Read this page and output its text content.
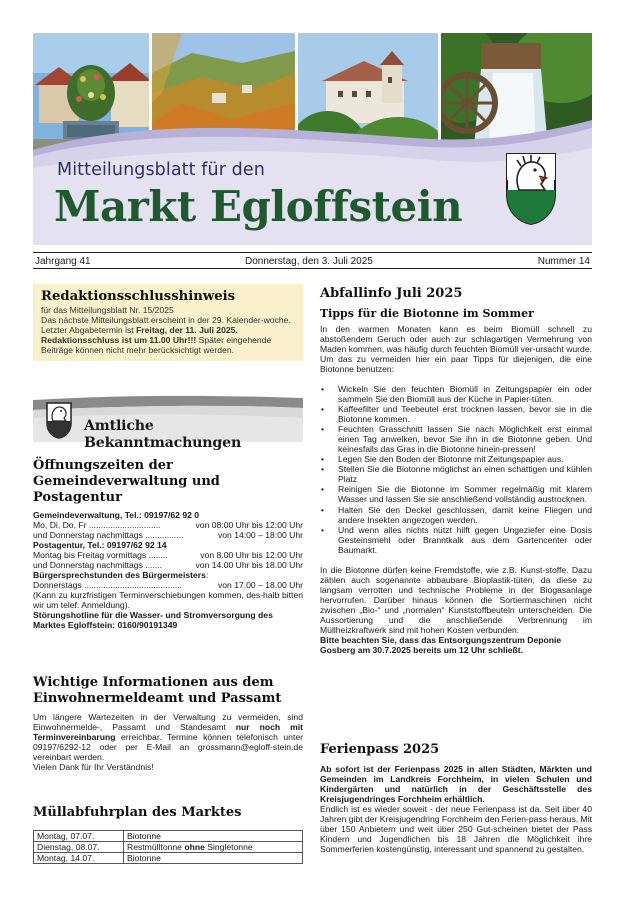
Mitteilungsblatt für den
Markt Egloffstein
Jahrgang 41	Donnerstag, den 3. Juli 2025	Nummer 14
Redaktionsschlusshinweis

für das Mitteilungsblatt Nr. 15/2025
Das nächste Mitteilungsblatt erscheint in der 29. Kalender-woche. Letzter Abgabetermin ist Freitag, der 11. Juli 2025.
Redaktionsschluss ist um 11.00 Uhr!!! Später eingehende Beiträge können nicht mehr berücksichtigt werden.

Amtliche Bekanntmachungen
Öffnungszeiten der Gemeindeverwaltung und Postagentur
Gemeindeverwaltung, Tel.: 09197/62 92 0
Mo, Di, Do, Fr ..............................	von 08:00 Uhr bis 12:00 Uhr
und Donnerstag nachmittags ................	von 14:00 – 18:00 Uhr
Postagentur, Tel.: 09197/62 92 14
Montag bis Freitag vormittags ........	von 8.00 Uhr bis 12.00 Uhr
und Donnerstag nachmittags .......	von 14.00 Uhr bis 18.00 Uhr
Bürgersprechstunden des Bürgermeisters:
Donnerstags .........................................	von 17.00 – 18.00 Uhr
(Kann zu kurzfristigen Terminverschiebungen kommen, des-halb bitten wir um telef. Anmeldung).
Störungshotline für die Wasser- und Stromversorgung des Marktes Egloffstein: 0160/90191349
Wichtige Informationen aus dem Einwohnermeldeamt und Passamt
Um längere Wartezeiten in der Verwaltung zu vermeiden, sind Einwohnermelde-, Passamt und Standesamt nur noch mit Terminvereinbarung erreichbar. Termine können telefonisch unter 09197/6292-12 oder per E-Mail an grossmann@egloff-stein.de vereinbart werden.
Vielen Dank für Ihr Verständnis!
Müllabfuhrplan des Marktes
Montag, 07.07.	Biotonne
Dienstag, 08.07.	Restmülltonne ohne Singletonne
Montag, 14.07.	Biotonne
Abfallinfo Juli 2025
Tipps für die Biotonne im Sommer
In den warmen Monaten kann es beim Biomüll schnell zu abstoßendem Geruch oder auch zur schlagartigen Vermehrung von Maden kommen, was häufig durch feuchten Biomüll ver-ursacht wurde. Um das zu vermeiden hier ein paar Tipps für diejenigen, die eine Biotonne benutzen:
• Wickeln Sie den feuchten Biomüll in Zeitungspapier ein oder sammeln Sie den Biomüll aus der Küche in Papier-tüten.
• Kaffeefilter und Teebeutel erst trocknen lassen, bevor sie in die Biotonne kommen.
• Feuchten Grasschnitt lassen Sie nach Möglichkeit erst einmal einen Tag anwelken, bevor Sie ihn in die Biotonne geben. Und keinesfalls das Gras in die Biotonne hinein-pressen!
• Legen Sie den Boden der Biotonne mit Zeitungspapier aus.
• Stellen Sie die Biotonne möglichst an einen schattigen und kühlen Platz
• Reinigen Sie die Biotonne im Sommer regelmäßig mit klarem Wasser und lassen Sie sie anschließend vollständig austrocknen.
• Halten Sie den Deckel geschlossen, damit keine Fliegen und andere Insekten angezogen werden.
• Und wenn alles nichts nützt hilft gegen Ungeziefer eine Dosis Gesteinsmehl oder Branntkalk aus dem Gartencenter oder Baumarkt.
In die Biotonne dürfen keine Fremdstoffe, wie z.B. Kunst-stoffe. Dazu zählen auch sogenannte abbaubare Bioplastik-tüten, da diese zu langsam verrotten und technische Probleme in der Biogasanlage hervorrufen. Darüber hinaus können die Sortiermaschinen nicht zwischen „Bio-“ und „normalen“ Kunststoffbeuteln unterscheiden. Die Aussortierung und die anschließende Verbrennung im Müllheizkraftwerk sind mit hohen Kosten verbunden.
Bitte beachten Sie, dass das Entsorgungszentrum Deponie Gosberg am 30.7.2025 bereits um 12 Uhr schließt.
Ferienpass 2025
Ab sofort ist der Ferienpass 2025 in allen Städten, Märkten und Gemeinden im Landkreis Forchheim, in vielen Schulen und Kindergärten und natürlich in der Geschäftsstelle des Kreisjugendringes Forchheim erhältlich.
Endlich ist es wieder soweit - der neue Ferienpass ist da. Seit über 40 Jahren gibt der Kreisjugendring Forchheim den Ferien-pass heraus. Mit über 150 Anbietern und weit über 250 Gut-scheinen bietet der Pass Kindern und Jugendlichen bis 18 Jahren die Möglichkeit ihre Sommerferien kostengünstig, interessant und spannend zu gestalten.
